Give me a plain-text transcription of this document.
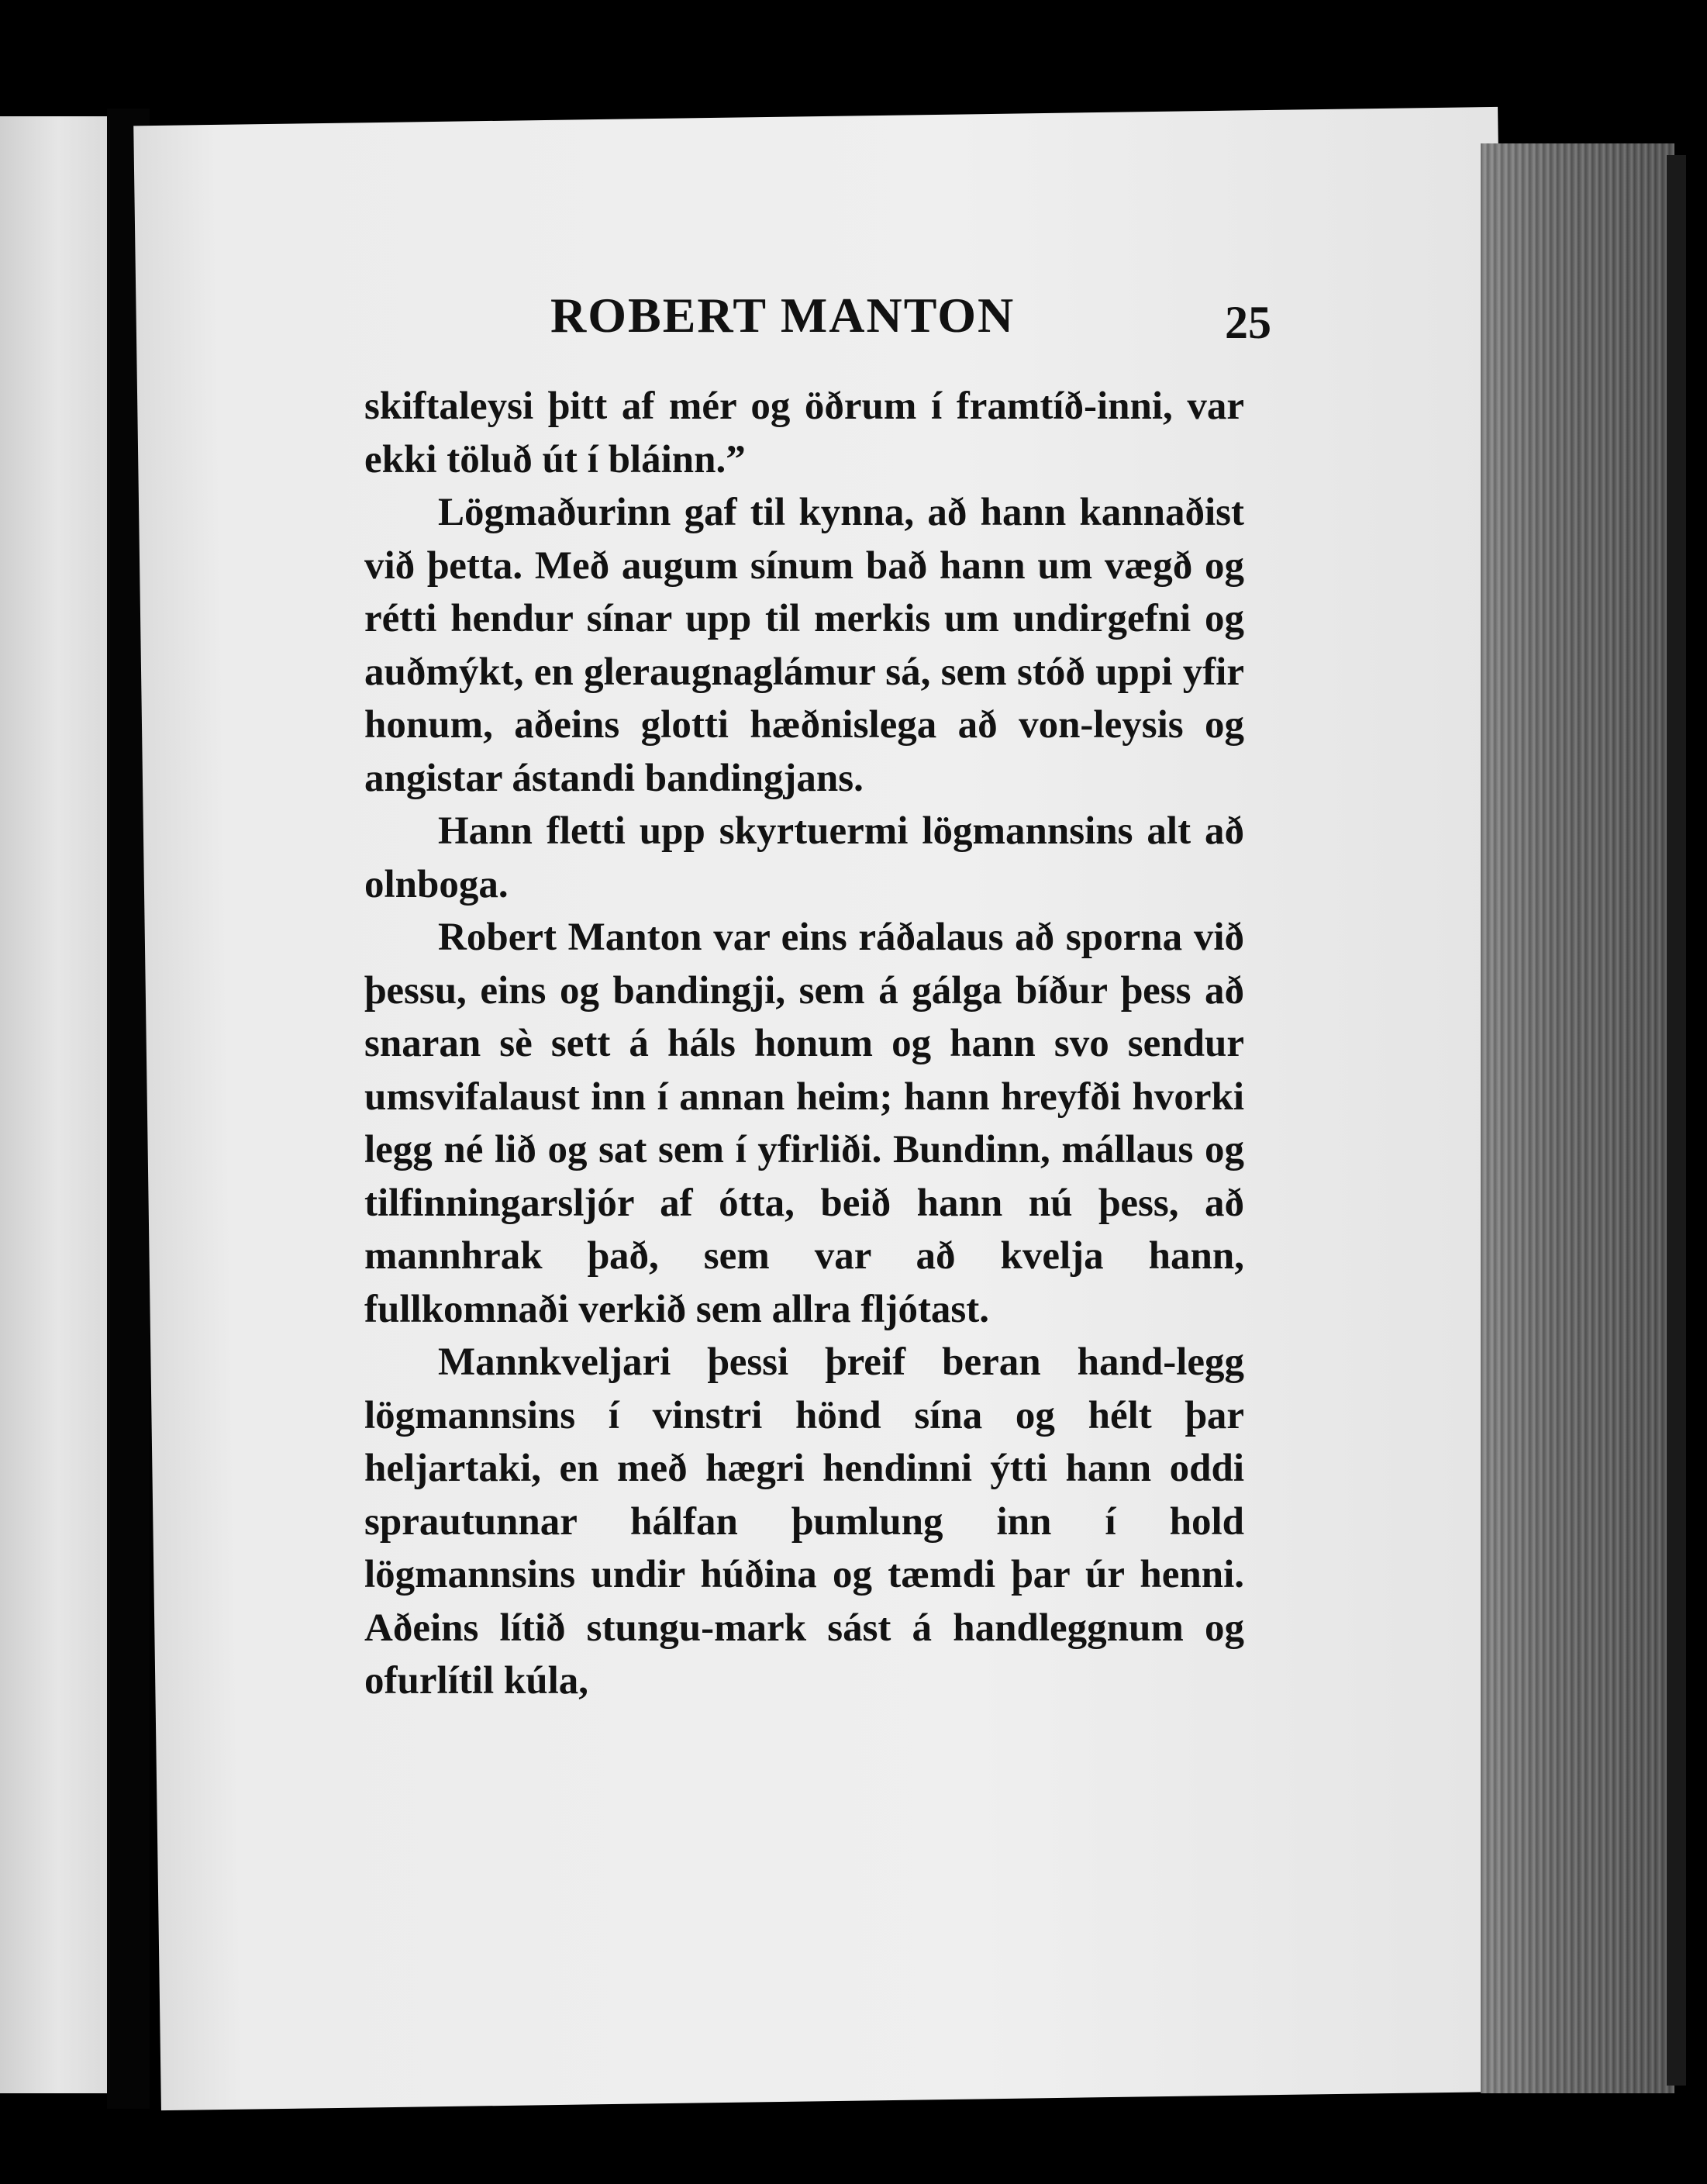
ROBERT MANTON	25

skiftaleysi þitt af mér og öðrum í framtíð-inni, var ekki töluð út í bláinn.”

Lögmaðurinn gaf til kynna, að hann kannaðist við þetta. Með augum sínum bað hann um vægð og rétti hendur sínar upp til merkis um undirgefni og auðmýkt, en gleraugnaglámur sá, sem stóð uppi yfir honum, aðeins glotti hæðnislega að von-leysis og angistar ástandi bandingjans.

Hann fletti upp skyrtuermi lögmannsins alt að olnboga.

Robert Manton var eins ráðalaus að sporna við þessu, eins og bandingji, sem á gálga bíður þess að snaran sè sett á háls honum og hann svo sendur umsvifalaust inn í annan heim; hann hreyfði hvorki legg né lið og sat sem í yfirliði. Bundinn, mállaus og tilfinningarsljór af ótta, beið hann nú þess, að mannhrak það, sem var að kvelja hann, fullkomnaði verkið sem allra fljótast.

Mannkveljari þessi þreif beran hand-legg lögmannsins í vinstri hönd sína og hélt þar heljartaki, en með hægri hendinni ýtti hann oddi sprautunnar hálfan þumlung inn í hold lögmannsins undir húðina og tæmdi þar úr henni. Aðeins lítið stungu-mark sást á handleggnum og ofurlítil kúla,
